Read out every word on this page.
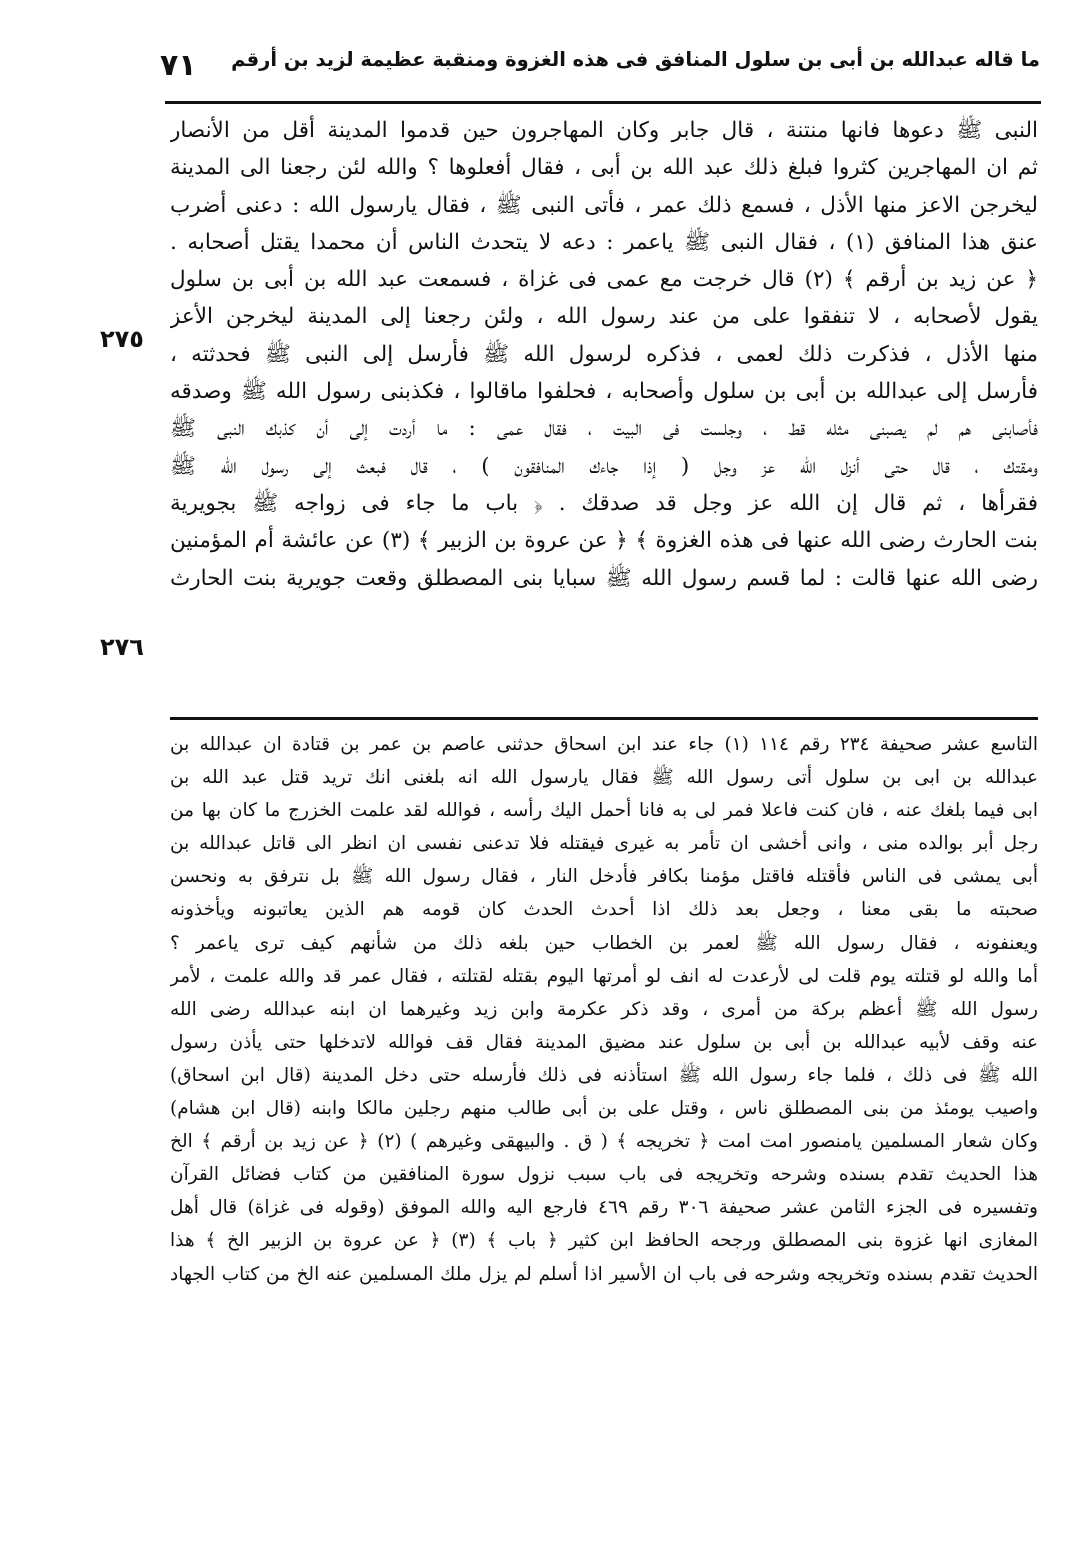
٧١ ما قاله عبدالله بن أبى بن سلول المنافق فى هذه الغزوة ومنقبة عظيمة لزيد بن أرقم
٢٧٥
٢٧٦
النبى ﷺ دعوها فانها منتنة ، قال جابر وكان المهاجرون حين قدموا المدينة أقل من الأنصار
ثم ان المهاجرين كثروا فبلغ ذلك عبد الله بن أبى ، فقال أفعلوها ؟ والله لئن رجعنا الى المدينة
ليخرجن الاعز منها الأذل ، فسمع ذلك عمر ، فأتى النبى ﷺ ، فقال يارسول الله : دعنى أضرب
عنق هذا المنافق (١) ، فقال النبى ﷺ ياعمر : دعه لا يتحدث الناس أن محمدا يقتل أصحابه .
﴿ عن زيد بن أرقم ﴾ (٢) قال خرجت مع عمى فى غزاة ، فسمعت عبد الله بن أبى بن سلول
يقول لأصحابه ، لا تنفقوا على من عند رسول الله ، ولئن رجعنا إلى المدينة ليخرجن الأعز
منها الأذل ، فذكرت ذلك لعمى ، فذكره لرسول الله ﷺ فأرسل إلى النبى ﷺ فحدثته ،
فأرسل إلى عبدالله بن أبى بن سلول وأصحابه ، فحلفوا ماقالوا ، فكذبنى رسول الله ﷺ وصدقه
فأصابنى هم لم يصبنى مثله قط ، وجلست فى البيت ، فقال عمى : ما أردت إلى أن كذبك النبى ﷺ
ومقتك ، قال حتى أنزل الله عز وجل ( إذا جاءك المنافقون ) ، قال فبعث إلى رسول الله ﷺ
فقرأها ، ثم قال إن الله عز وجل قد صدقك . ﴿ باب ما جاء فى زواجه ﷺ بجويرية
بنت الحارث رضى الله عنها فى هذه الغزوة ﴾ ﴿ عن عروة بن الزبير ﴾ (٣) عن عائشة أم المؤمنين
رضى الله عنها قالت : لما قسم رسول الله ﷺ سبايا بنى المصطلق وقعت جويرية بنت الحارث
التاسع عشر صحيفة ٢٣٤ رقم ١١٤ (١) جاء عند ابن اسحاق حدثنى عاصم بن عمر بن قتادة ان عبدالله بن
عبدالله بن ابى بن سلول أتى رسول الله ﷺ فقال يارسول الله انه بلغنى انك تريد قتل عبد الله بن
ابى فيما بلغك عنه ، فان كنت فاعلا فمر لى به فانا أحمل اليك رأسه ، فوالله لقد علمت الخزرج ما كان بها من
رجل أبر بوالده منى ، وانى أخشى ان تأمر به غيرى فيقتله فلا تدعنى نفسى ان انظر الى قاتل عبدالله بن
أبى يمشى فى الناس فأقتله فاقتل مؤمنا بكافر فأدخل النار ، فقال رسول الله ﷺ بل نترفق به ونحسن
صحبته ما بقى معنا ، وجعل بعد ذلك اذا أحدث الحدث كان قومه هم الذين يعاتبونه ويأخذونه
ويعنفونه ، فقال رسول الله ﷺ لعمر بن الخطاب حين بلغه ذلك من شأنهم كيف ترى ياعمر ؟
أما والله لو قتلته يوم قلت لى لأرعدت له انف لو أمرتها اليوم بقتله لقتلته ، فقال عمر قد والله علمت ، لأمر
رسول الله ﷺ أعظم بركة من أمرى ، وقد ذكر عكرمة وابن زيد وغيرهما ان ابنه عبدالله رضى الله
عنه وقف لأبيه عبدالله بن أبى بن سلول عند مضيق المدينة فقال قف فوالله لاتدخلها حتى يأذن رسول
الله ﷺ فى ذلك ، فلما جاء رسول الله ﷺ استأذنه فى ذلك فأرسله حتى دخل المدينة (قال ابن اسحاق)
واصيب يومئذ من بنى المصطلق ناس ، وقتل على بن أبى طالب منهم رجلين مالكا وابنه (قال ابن هشام)
وكان شعار المسلمين يامنصور امت امت ﴿ تخريجه ﴾ ( ق . والبيهقى وغيرهم ) (٢) ﴿ عن زيد بن أرقم ﴾ الخ
هذا الحديث تقدم بسنده وشرحه وتخريجه فى باب سبب نزول سورة المنافقين من كتاب فضائل القرآن
وتفسيره فى الجزء الثامن عشر صحيفة ٣٠٦ رقم ٤٦٩ فارجع اليه والله الموفق (وقوله فى غزاة) قال أهل
المغازى انها غزوة بنى المصطلق ورجحه الحافظ ابن كثير ﴿ باب ﴾ (٣) ﴿ عن عروة بن الزبير الخ ﴾ هذا
الحديث تقدم بسنده وتخريجه وشرحه فى باب ان الأسير اذا أسلم لم يزل ملك المسلمين عنه الخ من كتاب الجهاد
